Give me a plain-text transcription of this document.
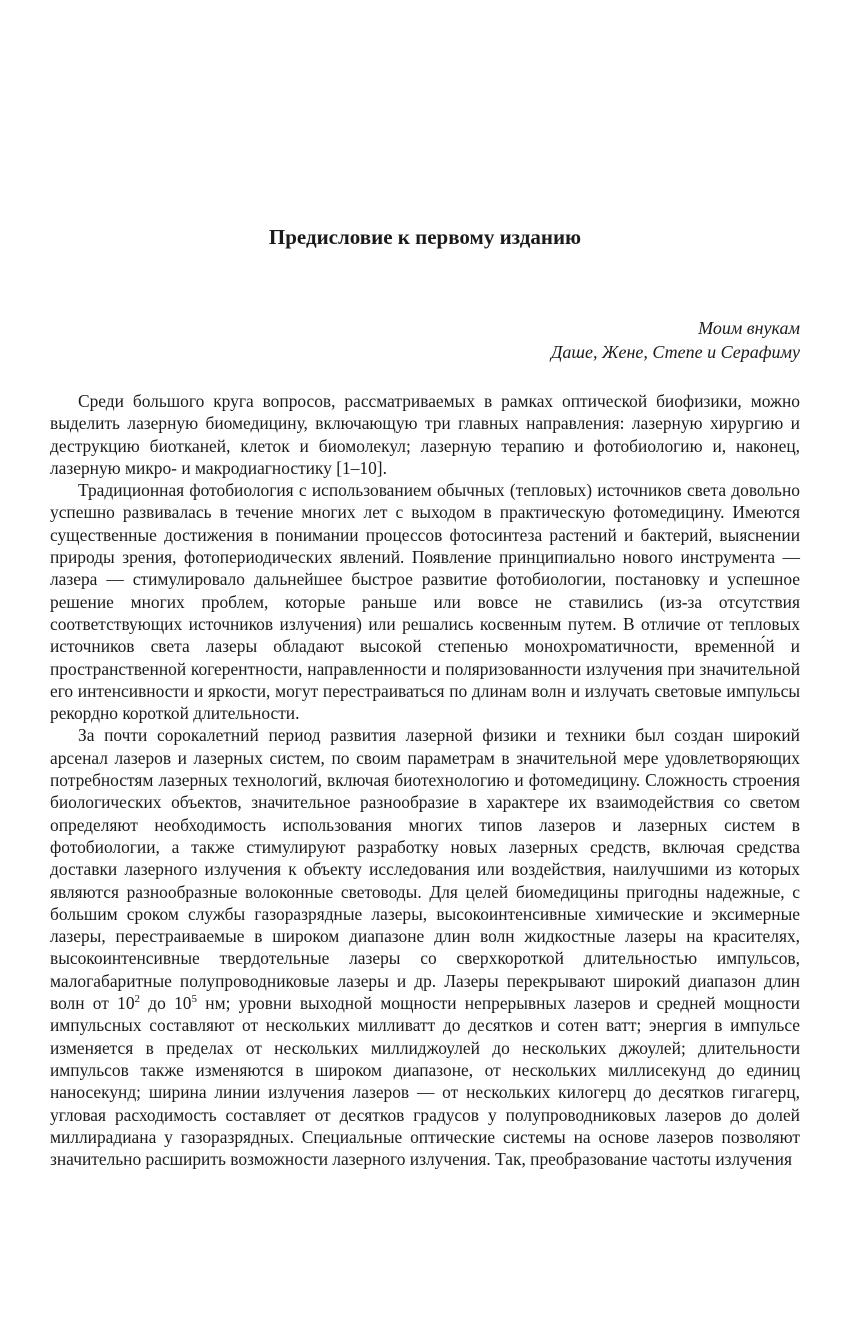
Предисловие к первому изданию
Моим внукам
Даше, Жене, Степе и Серафиму

Среди большого круга вопросов, рассматриваемых в рамках оптической биофизики, можно выделить лазерную биомедицину, включающую три главных направления: лазерную хирургию и деструкцию биотканей, клеток и биомолекул; лазерную терапию и фотобиологию и, наконец, лазерную микро- и макродиагностику [1–10].

Традиционная фотобиология с использованием обычных (тепловых) источников света довольно успешно развивалась в течение многих лет с выходом в практическую фотомедицину. Имеются существенные достижения в понимании процессов фотосинтеза растений и бактерий, выяснении природы зрения, фотопериодических явлений. Появление принципиально нового инструмента — лазера — стимулировало дальнейшее быстрое развитие фотобиологии, постановку и успешное решение многих проблем, которые раньше или вовсе не ставились (из-за отсутствия соответствующих источников излучения) или решались косвенным путем. В отличие от тепловых источников света лазеры обладают высокой степенью монохроматичности, временно́й и пространственной когерентности, направленности и поляризованности излучения при значительной его интенсивности и яркости, могут перестраиваться по длинам волн и излучать световые импульсы рекордно короткой длительности.

За почти сорокалетний период развития лазерной физики и техники был создан широкий арсенал лазеров и лазерных систем, по своим параметрам в значительной мере удовлетворяющих потребностям лазерных технологий, включая биотехнологию и фотомедицину. Сложность строения биологических объектов, значительное разнообразие в характере их взаимодействия со светом определяют необходимость использования многих типов лазеров и лазерных систем в фотобиологии, а также стимулируют разработку новых лазерных средств, включая средства доставки лазерного излучения к объекту исследования или воздействия, наилучшими из которых являются разнообразные волоконные световоды. Для целей биомедицины пригодны надежные, с большим сроком службы газоразрядные лазеры, высокоинтенсивные химические и эксимерные лазеры, перестраиваемые в широком диапазоне длин волн жидкостные лазеры на красителях, высокоинтенсивные твердотельные лазеры со сверхкороткой длительностью импульсов, малогабаритные полупроводниковые лазеры и др. Лазеры перекрывают широкий диапазон длин волн от $10^2$ до $10^5$ нм; уровни выходной мощности непрерывных лазеров и средней мощности импульсных составляют от нескольких милливатт до десятков и сотен ватт; энергия в импульсе изменяется в пределах от нескольких миллиджоулей до нескольких джоулей; длительности импульсов также изменяются в широком диапазоне, от нескольких миллисекунд до единиц наносекунд; ширина линии излучения лазеров — от нескольких килогерц до десятков гигагерц, угловая расходимость составляет от десятков градусов у полупроводниковых лазеров до долей миллирадиана у газоразрядных. Специальные оптические системы на основе лазеров позволяют значительно расширить возможности лазерного излучения. Так, преобразование частоты излучения
